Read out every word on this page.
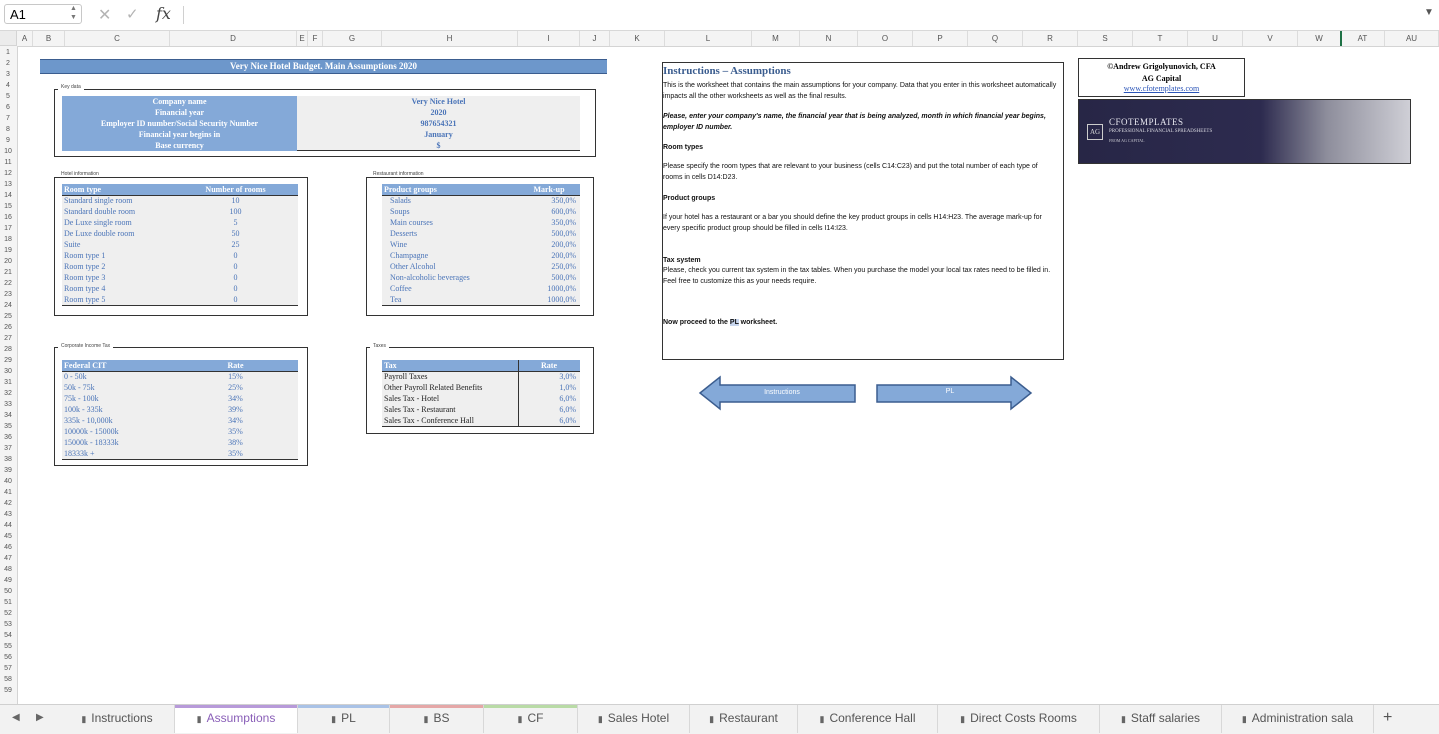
A1	▲
▼ ✕ ✓ fx	▼
A	B	C	D	E F	G	H	I	J	K	L	M	N	O	P	Q	R	S	T	U	V	W	AT	AU
1
2
3
4
5
6
7
8
9
10
11
12
13
14
15
16
17
18
19
20
21
22
23
24
25
26
27
28
29
30
31
32
33
34
35
36
37
38
39
40
41
42
43
44
45
46
47
48
49
50
51
52
53
54
55
56
57
58
59
Very Nice Hotel Budget. Main Assumptions 2020
Key data
Company name	Very Nice Hotel
Financial year	2020
Employer ID number/Social Security Number	987654321
Financial year begins in	January
Base currency	$
Hotel information
Room type	Number of rooms
Standard single room	10
Standard double room	100
De Luxe single room	5
De Luxe double room	50
Suite	25
Room type 1	0
Room type 2	0
Room type 3	0
Room type 4	0
Room type 5	0
Restaurant information
Product groups	Mark-up
Salads	350,0%
Soups	600,0%
Main courses	350,0%
Desserts	500,0%
Wine	200,0%
Champagne	200,0%
Other Alcohol	250,0%
Non-alcoholic beverages	500,0%
Coffee	1000,0%
Tea	1000,0%
Corporate Income Tax
Federal CIT	Rate
0 - 50k	15%
50k - 75k	25%
75k - 100k	34%
100k - 335k	39%
335k - 10,000k	34%
10000k - 15000k	35%
15000k - 18333k	38%
18333k +	35%
Taxes
Tax	Rate
Payroll Taxes	3,0%
Other Payroll Related Benefits	1,0%
Sales Tax - Hotel	6,0%
Sales Tax - Restaurant	6,0%
Sales Tax - Conference Hall	6,0%
Instructions – Assumptions
This is the worksheet that contains the main assumptions for your company. Data that you enter in this worksheet automatically impacts all the other worksheets as well as the final results.
Please, enter your company's name, the financial year that is being analyzed, month in which financial year begins, employer ID number.
Room types
Please specify the room types that are relevant to your business (cells C14:C23) and put the total number of each type of rooms in cells D14:D23.
Product groups
If your hotel has a restaurant or a bar you should define the key product groups in cells H14:H23. The average mark-up for every specific product group should be filled in cells I14:I23.
Tax system
Please, check you current tax system in the tax tables. When you purchase the model your local tax rates need to be filled in. Feel free to customize this as your needs require.
Now proceed to the PL worksheet.
Instructions	PL
©Andrew Grigolyunovich, CFA
AG Capital
www.cfotemplates.com
AG
CFOTEMPLATES
PROFESSIONAL FINANCIAL SPREADSHEETS
FROM AG CAPITAL
◀ ▶	▮ Instructions	▮ Assumptions	▮ PL	▮ BS	▮ CF	▮ Sales Hotel	▮ Restaurant	▮ Conference Hall	▮ Direct Costs Rooms	▮ Staff salaries	▮ Administration sala	+
